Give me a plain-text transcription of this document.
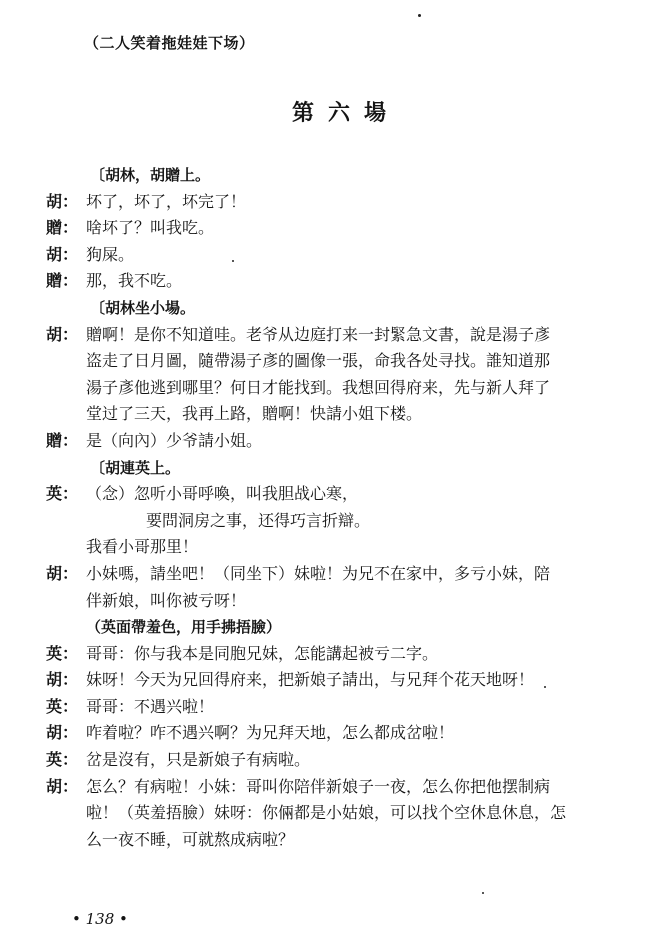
（二人笑着拖娃娃下场）
第六場
〔胡林，胡贈上。
胡： 坏了，坏了，坏完了！
贈： 啥坏了？叫我吃。
胡： 狗屎。
贈： 那，我不吃。
〔胡林坐小場。
胡： 贈啊！是你不知道哇。老爷从边庭打来一封緊急文書，說是湯子彥
盗走了日月圖，隨帶湯子彥的圖像一張，命我各处寻找。誰知道那
湯子彥他逃到哪里？何日才能找到。我想回得府来，先与新人拜了
堂过了三天，我再上路，贈啊！快請小姐下楼。
贈： 是（向內）少爷請小姐。
〔胡連英上。
英： （念）忽听小哥呼喚，叫我胆战心寒，
要問洞房之事，还得巧言折辯。
我看小哥那里！
胡： 小妹嗎，請坐吧！（同坐下）妹啦！为兄不在家中，多亏小妹，陪
伴新娘，叫你被亏呀！
（英面帶羞色，用手拂捂臉）
英： 哥哥：你与我本是同胞兄妹，怎能講起被亏二字。
胡： 妹呀！今天为兄回得府来，把新娘子請出，与兄拜个花天地呀！
英： 哥哥：不遇兴啦！
胡： 咋着啦？咋不遇兴啊？为兄拜天地，怎么都成岔啦！
英： 岔是沒有，只是新娘子有病啦。
胡： 怎么？有病啦！小妹：哥叫你陪伴新娘子一夜，怎么你把他摆制病
啦！（英羞捂臉）妹呀：你倆都是小姑娘，可以找个空休息休息，怎
么一夜不睡，可就熬成病啦？
• 138 •
